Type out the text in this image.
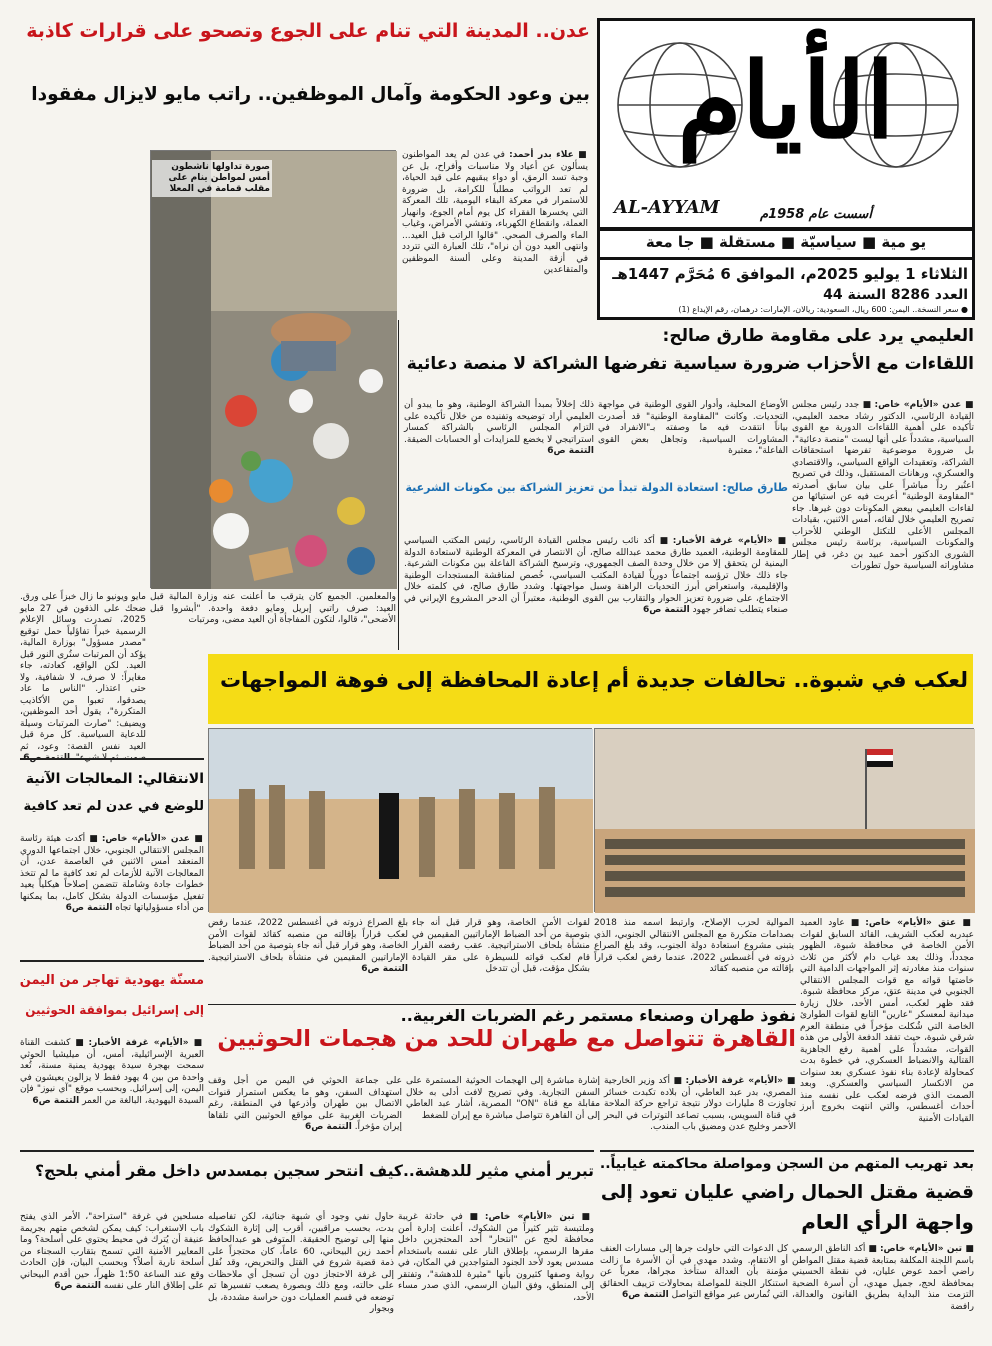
الأيام
AL-AYYAM	أسست عام 1958م
يو مية ■ سياسيّة ■ مستقلة ■ جا معة
الثلاثاء 1 يوليو 2025م، الموافق 6 مُحَرَّم 1447هـ
العدد 8286 السنة 44
● سعر النسخة.. اليمن: 600 ريال، السعودية: ريالان، الإمارات: درهمان، رقم الإيداع (1)
عدن.. المدينة التي تنام على الجوع وتصحو على قرارات كاذبة
بين وعود الحكومة وآمال الموظفين.. راتب مايو لايزال مفقودا
■ علاء بدر أحمد: في عدن لم يعد المواطنون يسألون عن أعياد ولا مناسبات وأفراح، بل عن وجبة تسد الرمق، أو دواء يبقيهم على قيد الحياة، لم تعد الرواتب مطلباً للكرامة، بل ضرورة للاستمرار في معركة البقاء اليومية، تلك المعركة التي يخسرها الفقراء كل يوم أمام الجوع، وانهيار العملة، وانقطاع الكهرباء، وتفشي الأمراض، وغياب الماء والصرف الصحي. "قالوا الراتب قبل العيد... وانتهى العيد دون أن نراه"، تلك العبارة التي تتردد في أزقة المدينة وعلى ألسنة الموظفين والمتقاعدين
صورة تداولها ناشطون أمس لمواطن ينام على مقلب قمامة في المعلا
والمعلمين. الجميع كان يترقب ما أعلنت عنه وزارة المالية قبل العيد: صرف راتبي إبريل ومايو دفعة واحدة. "أبشروا قبل الأضحى"، قالوا، لتكون المفاجأة أن العيد مضى، ومرتبات
مايو ويونيو ما زال خبزاً على ورق. ضحك على الذقون في 27 مايو 2025، تصدرت وسائل الإعلام الرسمية خبراً تفاؤلياً حمل توقيع "مصدر مسؤول" بوزارة المالية، يؤكد أن المرتبات ستُرى النور قبل العيد. لكن الواقع، كعادته، جاء مغايراً: لا صرف، لا شفافية، ولا حتى اعتذار. "الناس ما عاد يصدقوا، تعبوا من الأكاذيب المتكررة"، يقول أحد الموظفين، ويضيف: "صارت المرتبات وسيلة للدعاية السياسية. كل مرة قبل العيد نفس القصة: وعود، ثم
العليمي يرد على مقاومة طارق صالح:
اللقاءات مع الأحزاب ضرورة سياسية تفرضها الشراكة لا منصة دعائية
■ عدن «الأيام» خاص: ■ جدد رئيس مجلس القيادة الرئاسي، الدكتور رشاد محمد العليمي، تأكيده على أهمية اللقاءات الدورية مع القوى السياسية، مشدداً على أنها ليست "منصة دعائية"، بل ضرورة موضوعية تفرضها استحقاقات الشراكة، وتعقيدات الواقع السياسي، والاقتصادي والعسكري، ورهانات المستقبل، وذلك في تصريح اعتُبر رداً مباشراً على بيان سابق أصدرته "المقاومة الوطنية" أعربت فيه عن استيائها من لقاءات العليمي ببعض المكونات دون غيرها. جاء تصريح العليمي خلال لقائه، أمس الاثنين، بقيادات المجلس الأعلى للتكتل الوطني للأحزاب والمكونات السياسية، برئاسة رئيس مجلس الشورى الدكتور أحمد عبيد بن دغر، في إطار مشاوراته السياسية حول تطورات
الأوضاع المحلية، وأدوار القوى الوطنية في مواجهة التحديات. وكانت "المقاومة الوطنية" قد أصدرت بياناً انتقدت فيه ما وصفته بـ"الانفراد في المشاورات السياسية، وتجاهل بعض القوى الفاعلة"، معتبرة
ذلك إخلالاً بمبدأ الشراكة الوطنية، وهو ما يبدو أن العليمي أراد توضيحه وتفنيده من خلال تأكيده على التزام المجلس الرئاسي بالشراكة كمسار استراتيجي لا يخضع للمزايدات أو الحسابات الضيقة. التتمة ص6
طارق صالح: استعادة الدولة تبدأ من تعزيز الشراكة بين مكونات الشرعية
■ «الأيام» غرفة الأخبار: ■ أكد نائب رئيس مجلس القيادة الرئاسي، رئيس المكتب السياسي للمقاومة الوطنية، العميد طارق محمد عبدالله صالح، أن الانتصار في المعركة الوطنية لاستعادة الدولة اليمنية لن يتحقق إلا من خلال وحدة الصف الجمهوري، وترسيخ الشراكة الفاعلة بين مكونات الشرعية. جاء ذلك خلال ترؤسه اجتماعاً دورياً لقيادة المكتب السياسي، خُصص لمناقشة المستجدات الوطنية والإقليمية، واستعراض أبرز التحديات الراهنة وسبل مواجهتها. وشدد طارق صالح، في كلمته خلال الاجتماع، على ضرورة تعزيز الحوار والتقارب بين القوى الوطنية، معتبراً أن الدحر المشروع الإيراني في صنعاء يتطلب تضافر جهود التتمة ص6
لعكب في شبوة.. تحالفات جديدة أم إعادة المحافظة إلى فوهة المواجهات
■ عتق «الأيام» خاص: ■ عاود العميد عبدربه لعكب الشريف، القائد السابق لقوات الأمن الخاصة في محافظة شبوة، الظهور مجدداً، وذلك بعد غياب دام لأكثر من ثلاث سنوات منذ مغادرته إثر المواجهات الدامية التي خاضتها قواته مع قوات المجلس الانتقالي الجنوبي في مدينة عتق، مركز محافظة شبوة. فقد ظهر لعكب، أمس الأحد، خلال زيارة ميدانية لمعسكر "عارين" التابع لقوات الطوارئ الخاصة التي شُكلت مؤخراً في منطقة العرم شرقي شبوة، حيث تفقد الدفعة الأولى من هذه القوات، مشدداً على أهمية رفع الجاهزية القتالية والانضباط العسكري، في خطوة بدت كمحاولة لإعادة بناء نفوذ عسكري بعد سنوات من الانكسار السياسي والعسكري. وبعد الصمت الذي فرضه لعكب على نفسه منذ أحداث أغسطس، والتي انتهت بخروج أبرز القيادات الأمنية
الموالية لحزب الإصلاح، وارتبط اسمه منذ 2018 بصدامات متكررة مع المجلس الانتقالي الجنوبي، الذي يتبنى مشروع استعادة دولة الجنوب، وقد بلغ الصراع ذروته في أغسطس 2022، عندما رفض لعكب قراراً بإقالته من منصبه كقائد
لقوات الأمن الخاصة، وهو قرار قبل أنه جاء بتوصية من أحد الضباط الإماراتيين المقيمين في منشأة بلحاف الاستراتيجية. عقب رفضه القرار قام لعكب قواته للسيطرة على مقر القيادة بشكل مؤقت، قبل أن تتدخل
بلغ الصراع ذروته في أغسطس 2022، عندما رفض لعكب قراراً بإقالته من منصبه كقائد لقوات الأمن الخاصة، وهو قرار قبل أنه جاء بتوصية من أحد الضباط الإماراتيين المقيمين في منشأة بلحاف الاستراتيجية. التتمة ص6
الانتقالي: المعالجات الآنية
للوضع في عدن لم تعد كافية
■ عدن «الأيام» خاص: ■ أكدت هيئة رئاسة المجلس الانتقالي الجنوبي، خلال اجتماعها الدوري المنعقد أمس الاثنين في العاصمة عدن، أن المعالجات الآنية للأزمات لم تعد كافية ما لم تتخذ خطوات جادة وشاملة تتضمن إصلاحاً هيكلياً يعيد تفعيل مؤسسات الدولة بشكل كامل، بما يمكنها من أداء مسؤولياتها تجاه التتمة ص6
مسنّة يهودية تهاجر من اليمن
إلى إسرائيل بموافقة الحوثيين
■ «الأيام» غرفة الأخبار: ■ كشفت القناة العبرية الإسرائيلية، أمس، أن ميليشيا الحوثي سمحت بهجرة سيدة يهودية يمنية مسنة، تُعد واحدة من بين 4 يهود فقط لا يزالون يعيشون في اليمن، إلى إسرائيل. وبحسب موقع "آي نيوز" فإن السيدة اليهودية، البالغة من العمر التتمة ص6
نفوذ طهران وصنعاء مستمر رغم الضربات الغربية..
القاهرة تتواصل مع طهران للحد من هجمات الحوثيين
■ «الأيام» غرفة الأخبار: ■ أكد وزير الخارجية المصري، بدر عبد العاطي، أن بلاده تكبدت خسائر تجاوزت 8 مليارات دولار نتيجة تراجع حركة الملاحة في قناة السويس، بسبب تصاعد التوترات في البحر الأحمر وخليج عدن ومضيق باب المندب.
إشارة مباشرة إلى الهجمات الحوثية المستمرة على السفن التجارية. وفي تصريح لافت أدلى به خلال مقابلة مع قناة "ON" المصرية، أشار عبد العاطي إلى أن القاهرة تتواصل مباشرة مع إيران للضغط
على جماعة الحوثي في اليمن من أجل وقف استهداف السفن، وهو ما يعكس استمرار قنوات الاتصال بين طهران وأذرعها في المنطقة، رغم الضربات الغربية على مواقع الحوثيين التي تلقاها إيران مؤخراً. التتمة ص6
بعد تهريب المتهم من السجن ومواصلة محاكمته غيابياً..
قضية مقتل الحمال راضي عليان تعود إلى
واجهة الرأي العام
■ تبن «الأيام» خاص: ■ أكد الناطق الرسمي باسم اللجنة المكلفة بمتابعة قضية مقتل المواطن راضي أحمد عوض عليان، في نقطة الحسيني بمحافظة لحج، جميل مهدي، أن أسرة الضحية التزمت منذ البداية بطريق القانون والعدالة، رافضة
كل الدعوات التي حاولت جرها إلى مسارات العنف أو الانتقام. وشدد مهدي في أن الأسرة ما زالت مؤمنة بأن العدالة ستأخذ مجراها، معرباً عن استنكار اللجنة للمواصلة بمحاولات تزييف الحقائق التي تُمارس عبر مواقع التواصل التتمة ص6
تبرير أمني مثير للدهشة..كيف انتحر سجين بمسدس داخل مقر أمني بلحج؟
■ تبن «الأيام» خاص: ■ في حادثة غريبة وملتبسة تثير كثيراً من الشكوك، أعلنت إدارة أمن محافظة لحج عن "انتحار" أحد المحتجزين داخل مقرها الرسمي، بإطلاق النار على نفسه باستخدام مسدس يعود لأحد الجنود المتواجدين في المكان، في رواية وصفها كثيرون بأنها "مثيرة للدهشة"، وتفتقر إلى المنطق، وفق البيان الرسمي، الذي صدر مساء الأحد،
حاول نفي وجود أي شبهة جنائية، لكن تفاصيله بدت، بحسب مراقبين، أقرب إلى إثارة الشكوك منها إلى توضيح الحقيقة. المتوفى هو عبدالحافظ أحمد زين البيحاني، 60 عاماً، كان محتجزاً على ذمة قضية شروع في القتل والتحريض، وقد نُقل إلى غرفة الاحتجاز دون أن تسجل أي ملاحظات على حالته، ومع ذلك وبصورة يصعب تفسيرها تم توضعه في قسم العمليات دون حراسة مشددة، بل وبجوار
مسلحين في غرفة "استراحة"، الأمر الذي يفتح باب الاستغراب: كيف يمكن لشخص متهم بجريمة عنيفة أن يُترك في محيط يحتوي على أسلحة؟ وما المعايير الأمنية التي تسمح بتقارب السجناء من أسلحة نارية أصلاً؟ وبحسب البيان، فإن الحادث وقع عند الساعة 1:50 ظهراً، حين أقدم البيحاني على إطلاق النار على نفسه التتمة ص6
